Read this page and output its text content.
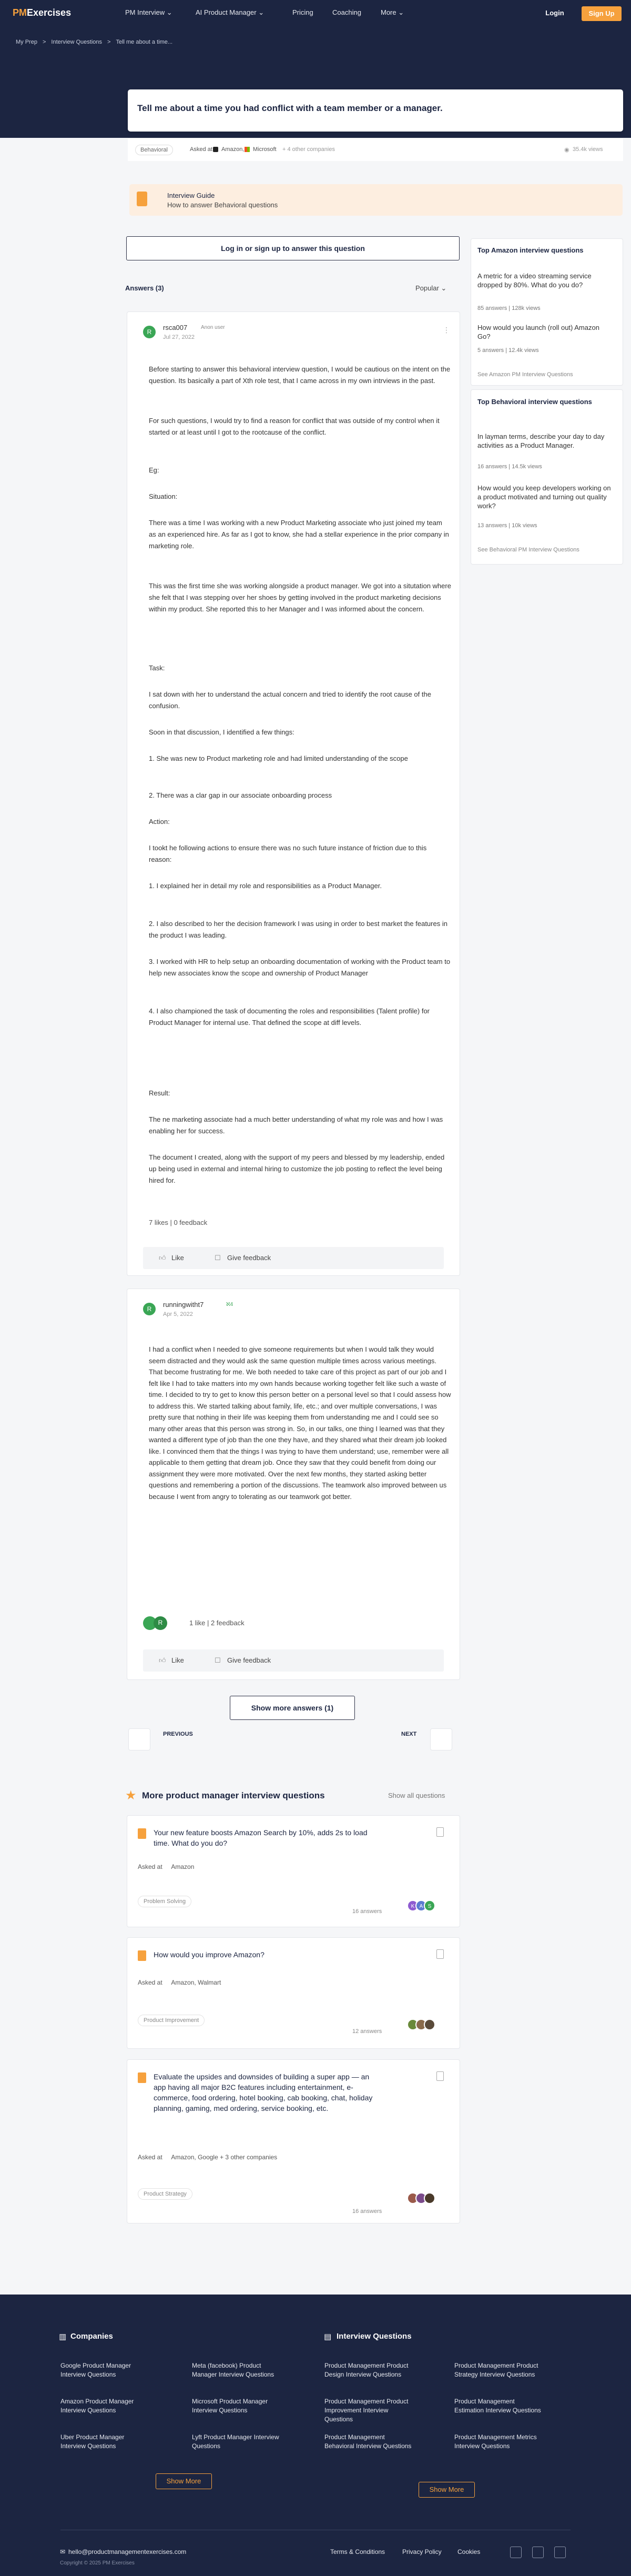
PMExercises	PM Interview ⌄	AI Product Manager ⌄	Pricing	Coaching	More ⌄	Login	Sign Up
My Prep > Interview Questions > Tell me about a time...
Tell me about a time you had conflict with a team member or a manager.
Behavioral	Asked at Amazon, Microsoft + 4 other companies	◉ 35.4k views
Interview Guide
How to answer Behavioral questions
Log in or sign up to answer this question
Answers (3)	Popular ⌄
Top Amazon interview questions
A metric for a video streaming service dropped by 80%. What do you do?
85 answers | 128k views
How would you launch (roll out) Amazon Go?
5 answers | 12.4k views
See Amazon PM Interview Questions
Top Behavioral interview questions
In layman terms, describe your day to day activities as a Product Manager.
16 answers | 14.5k views
How would you keep developers working on a product motivated and turning out quality work?
13 answers | 10k views
See Behavioral PM Interview Questions
R
rsca007	Anon user
Jul 27, 2022
⋮
Before starting to answer this behavioral interview question, I would be cautious on the intent on the question. Its basically a part of Xth role test, that I came across in my own intrviews in the past.
For such questions, I would try to find a reason for conflict that was outside of my control when it started or at least until I got to the rootcause of the conflict.
Eg:
Situation:
There was a time I was working with a new Product Marketing associate who just joined my team as an experienced hire. As far as I got to know, she had a stellar experience in the prior company in marketing role.
This was the first time she was working alongside a product manager. We got into a situtation where she felt that I was stepping over her shoes by getting involved in the product marketing decisions within my product. She reported this to her Manager and I was informed about the concern.
Task:
I sat down with her to understand the actual concern and tried to identify the root cause of the confusion.
Soon in that discussion, I identified a few things:
1. She was new to Product marketing role and had limited understanding of the scope
2. There was a clar gap in our associate onboarding process
Action:
I tookt he following actions to ensure there was no such future instance of friction due to this reason:
1. I explained her in detail my role and responsibilities as a Product Manager.
2. I also described to her the decision framework I was using in order to best market the features in the product I was leading.
3. I worked with HR to help setup an onboarding documentation of working with the Product team to help new associates know the scope and ownership of Product Manager
4. I also championed the task of documenting the roles and responsibilities (Talent profile) for Product Manager for internal use. That defined the scope at diff levels.
Result:
The ne marketing associate had a much better understanding of what my role was and how I was enabling her for success.
The document I created, along with the support of my peers and blessed by my leadership, ended up being used in external and internal hiring to customize the job posting to reflect the level being hired for.
7 likes | 0 feedback
👍︎ Like	☐ Give feedback
R
runningwitht7	ℵ4
Apr 5, 2022
I had a conflict when I needed to give someone requirements but when I would talk they would seem distracted and they would ask the same question multiple times across various meetings. That become frustrating for me. We both needed to take care of this project as part of our job and I felt like I had to take matters into my own hands because working together felt like such a waste of time. I decided to try to get to know this person better on a personal level so that I could assess how to address this. We started talking about family, life, etc.; and over multiple conversations, I was pretty sure that nothing in their life was keeping them from understanding me and I could see so many other areas that this person was strong in. So, in our talks, one thing I learned was that they wanted a different type of job than the one they have, and they shared what their dream job looked like. I convinced them that the things I was trying to have them understand; use, remember were all applicable to them getting that dream job. Once they saw that they could benefit from doing our assignment they were more motivated. Over the next few months, they started asking better questions and remembering a portion of the discussions. The teamwork also improved between us because I went from angry to tolerating as our teamwork got better.
R	1 like | 2 feedback
👍︎ Like	☐ Give feedback
Show more answers (1)
PREVIOUS	NEXT
★ More product manager interview questions	Show all questions
Your new feature boosts Amazon Search by 10%, adds 2s to load time. What do you do?
Asked at Amazon
Problem Solving
16 answers
K A S
How would you improve Amazon?
Asked at Amazon, Walmart
Product Improvement
12 answers
Evaluate the upsides and downsides of building a super app — an app having all major B2C features including entertainment, e-commerce, food ordering, hotel booking, cab booking, chat, holiday planning, gaming, med ordering, service booking, etc.
Asked at Amazon, Google + 3 other companies
Product Strategy
16 answers
▥ Companies	▤ Interview Questions
Google Product Manager Interview Questions
Meta (facebook) Product Manager Interview Questions
Amazon Product Manager Interview Questions
Microsoft Product Manager Interview Questions
Uber Product Manager Interview Questions
Lyft Product Manager Interview Questions
Product Management Product Design Interview Questions
Product Management Product Strategy Interview Questions
Product Management Product Improvement Interview Questions
Product Management Estimation Interview Questions
Product Management Behavioral Interview Questions
Product Management Metrics Interview Questions
Show More
Show More
✉ hello@productmanagementexercises.com
Copyright © 2025 PM Exercises
Terms & Conditions	Privacy Policy	Cookies
